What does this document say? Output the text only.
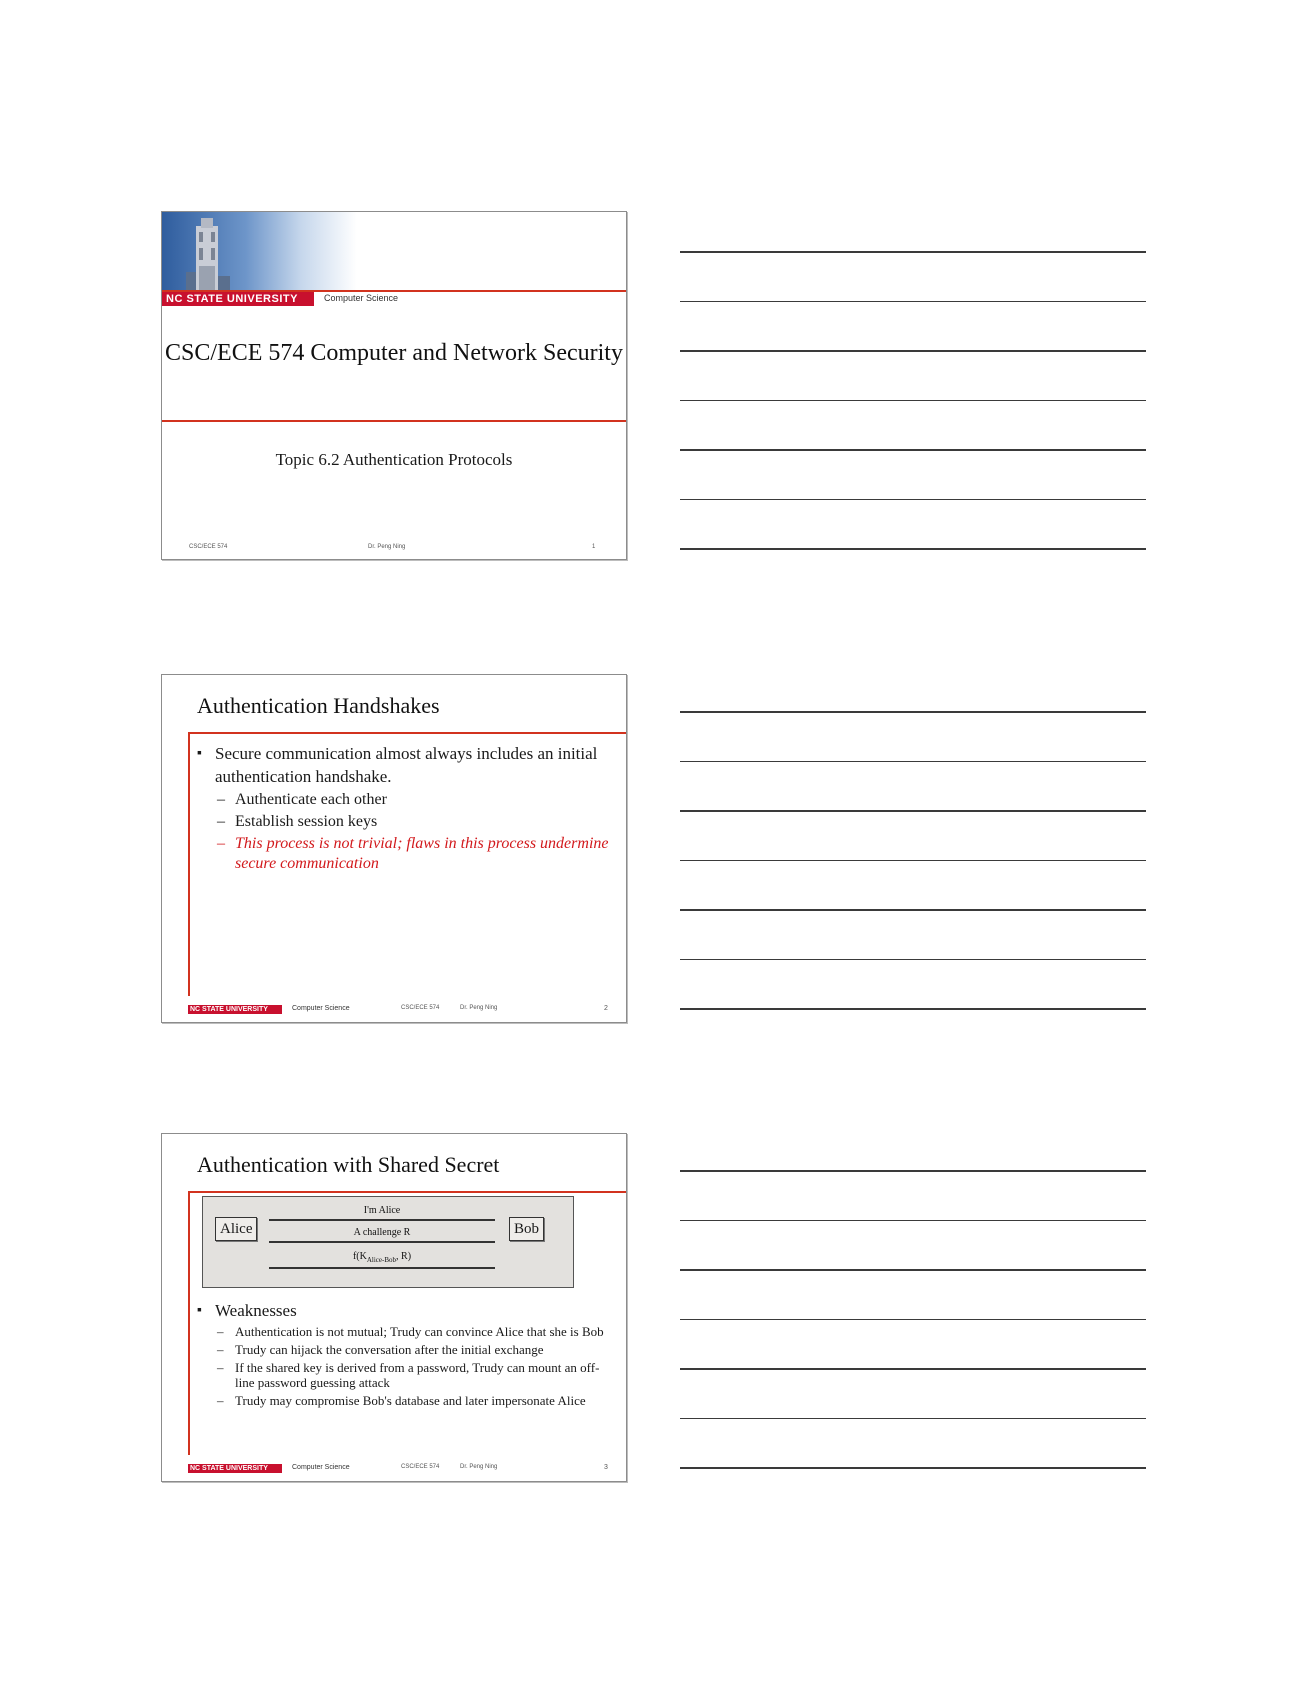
NC STATE UNIVERSITY	Computer Science
CSC/ECE 574 Computer and Network Security
Topic 6.2 Authentication Protocols
CSC/ECE 574	Dr. Peng Ning	1
Authentication Handshakes

▪ Secure communication almost always includes an initial authentication handshake.

– Authenticate each other

– Establish session keys

– This process is not trivial; flaws in this process undermine secure communication

NC STATE UNIVERSITY	Computer Science	CSC/ECE 574	Dr. Peng Ning	2
Authentication with Shared Secret
Alice	Bob
I'm Alice
A challenge R
$f(K_{Alice-Bob}$, R)

▪ Weaknesses

– Authentication is not mutual; Trudy can convince Alice that she is Bob

– Trudy can hijack the conversation after the initial exchange

– If the shared key is derived from a password, Trudy can mount an off-line password guessing attack

– Trudy may compromise Bob's database and later impersonate Alice

NC STATE UNIVERSITY	Computer Science	CSC/ECE 574	Dr. Peng Ning	3
